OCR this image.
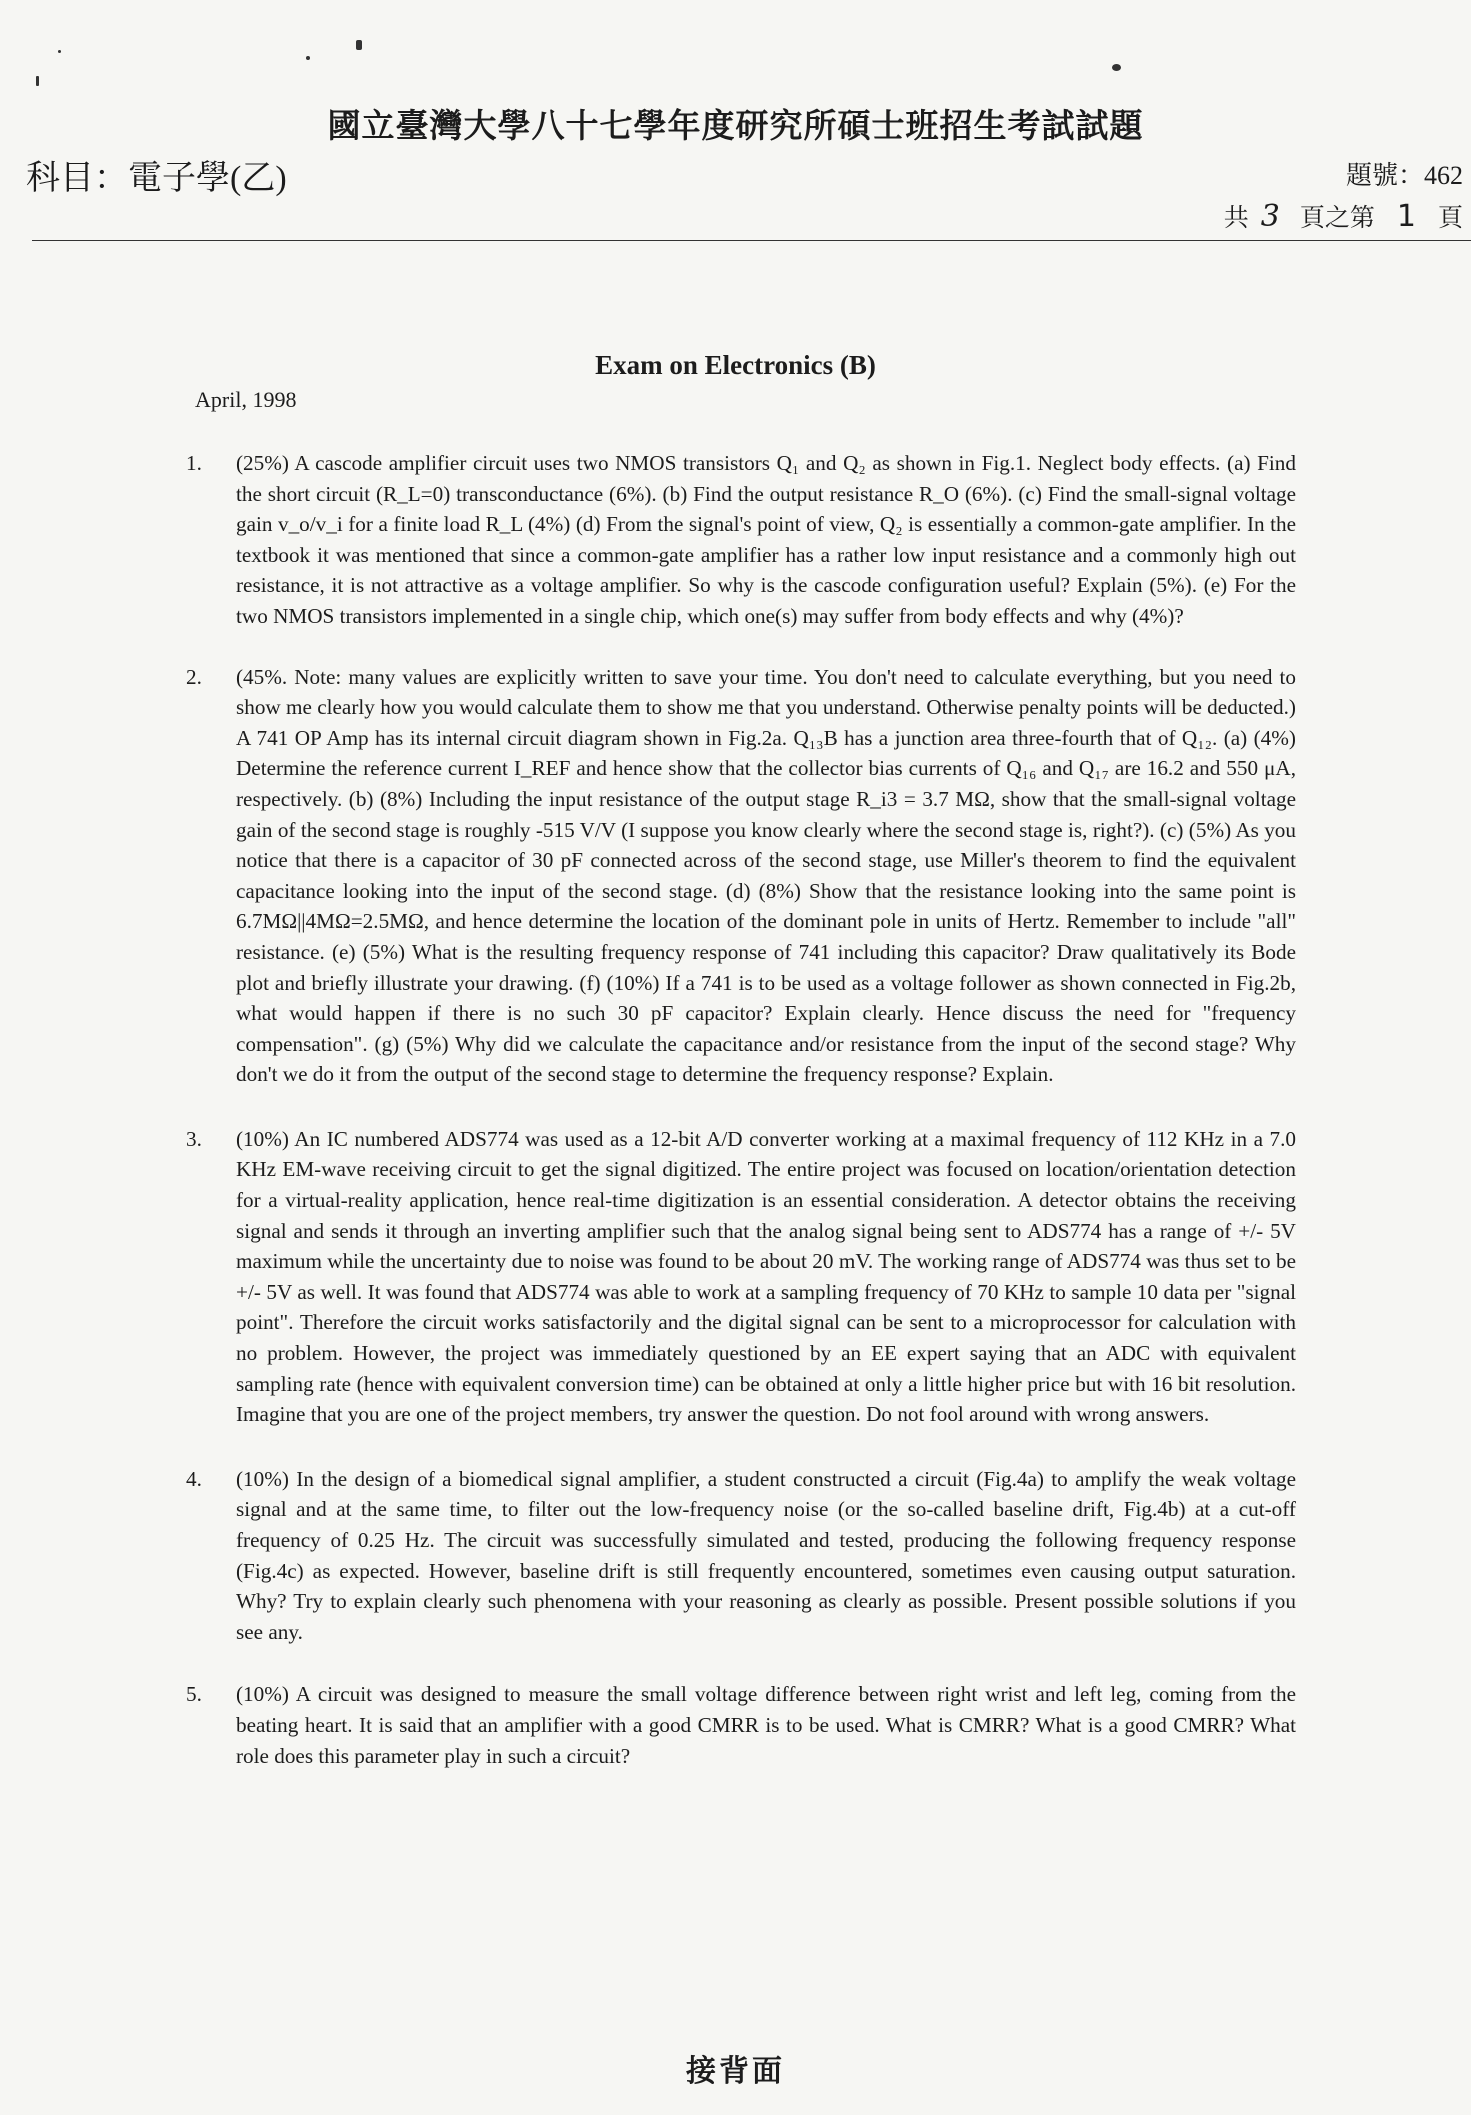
國立臺灣大學八十七學年度研究所碩士班招生考試試題
科目：電子學(乙)	題號：462
共 3 頁之第 1 頁
Exam on Electronics (B)
April, 1998
1. (25%) A cascode amplifier circuit uses two NMOS transistors Q₁ and Q₂ as shown in Fig.1. Neglect body effects. (a) Find the short circuit (R_L=0) transconductance (6%). (b) Find the output resistance R_O (6%). (c) Find the small-signal voltage gain v_o/v_i for a finite load R_L (4%) (d) From the signal's point of view, Q₂ is essentially a common-gate amplifier. In the textbook it was mentioned that since a common-gate amplifier has a rather low input resistance and a commonly high out resistance, it is not attractive as a voltage amplifier. So why is the cascode configuration useful? Explain (5%). (e) For the two NMOS transistors implemented in a single chip, which one(s) may suffer from body effects and why (4%)?
2. (45%. Note: many values are explicitly written to save your time. You don't need to calculate everything, but you need to show me clearly how you would calculate them to show me that you understand. Otherwise penalty points will be deducted.) A 741 OP Amp has its internal circuit diagram shown in Fig.2a. Q₁₃B has a junction area three-fourth that of Q₁₂. (a) (4%) Determine the reference current I_REF and hence show that the collector bias currents of Q₁₆ and Q₁₇ are 16.2 and 550 μA, respectively. (b) (8%) Including the input resistance of the output stage R_i3 = 3.7 MΩ, show that the small-signal voltage gain of the second stage is roughly -515 V/V (I suppose you know clearly where the second stage is, right?). (c) (5%) As you notice that there is a capacitor of 30 pF connected across of the second stage, use Miller's theorem to find the equivalent capacitance looking into the input of the second stage. (d) (8%) Show that the resistance looking into the same point is 6.7MΩ||4MΩ=2.5MΩ, and hence determine the location of the dominant pole in units of Hertz. Remember to include "all" resistance. (e) (5%) What is the resulting frequency response of 741 including this capacitor? Draw qualitatively its Bode plot and briefly illustrate your drawing. (f) (10%) If a 741 is to be used as a voltage follower as shown connected in Fig.2b, what would happen if there is no such 30 pF capacitor? Explain clearly. Hence discuss the need for "frequency compensation". (g) (5%) Why did we calculate the capacitance and/or resistance from the input of the second stage? Why don't we do it from the output of the second stage to determine the frequency response? Explain.
3. (10%) An IC numbered ADS774 was used as a 12-bit A/D converter working at a maximal frequency of 112 KHz in a 7.0 KHz EM-wave receiving circuit to get the signal digitized. The entire project was focused on location/orientation detection for a virtual-reality application, hence real-time digitization is an essential consideration. A detector obtains the receiving signal and sends it through an inverting amplifier such that the analog signal being sent to ADS774 has a range of +/- 5V maximum while the uncertainty due to noise was found to be about 20 mV. The working range of ADS774 was thus set to be +/- 5V as well. It was found that ADS774 was able to work at a sampling frequency of 70 KHz to sample 10 data per "signal point". Therefore the circuit works satisfactorily and the digital signal can be sent to a microprocessor for calculation with no problem. However, the project was immediately questioned by an EE expert saying that an ADC with equivalent sampling rate (hence with equivalent conversion time) can be obtained at only a little higher price but with 16 bit resolution. Imagine that you are one of the project members, try answer the question. Do not fool around with wrong answers.
4. (10%) In the design of a biomedical signal amplifier, a student constructed a circuit (Fig.4a) to amplify the weak voltage signal and at the same time, to filter out the low-frequency noise (or the so-called baseline drift, Fig.4b) at a cut-off frequency of 0.25 Hz. The circuit was successfully simulated and tested, producing the following frequency response (Fig.4c) as expected. However, baseline drift is still frequently encountered, sometimes even causing output saturation. Why? Try to explain clearly such phenomena with your reasoning as clearly as possible. Present possible solutions if you see any.
5. (10%) A circuit was designed to measure the small voltage difference between right wrist and left leg, coming from the beating heart. It is said that an amplifier with a good CMRR is to be used. What is CMRR? What is a good CMRR? What role does this parameter play in such a circuit?
接背面
